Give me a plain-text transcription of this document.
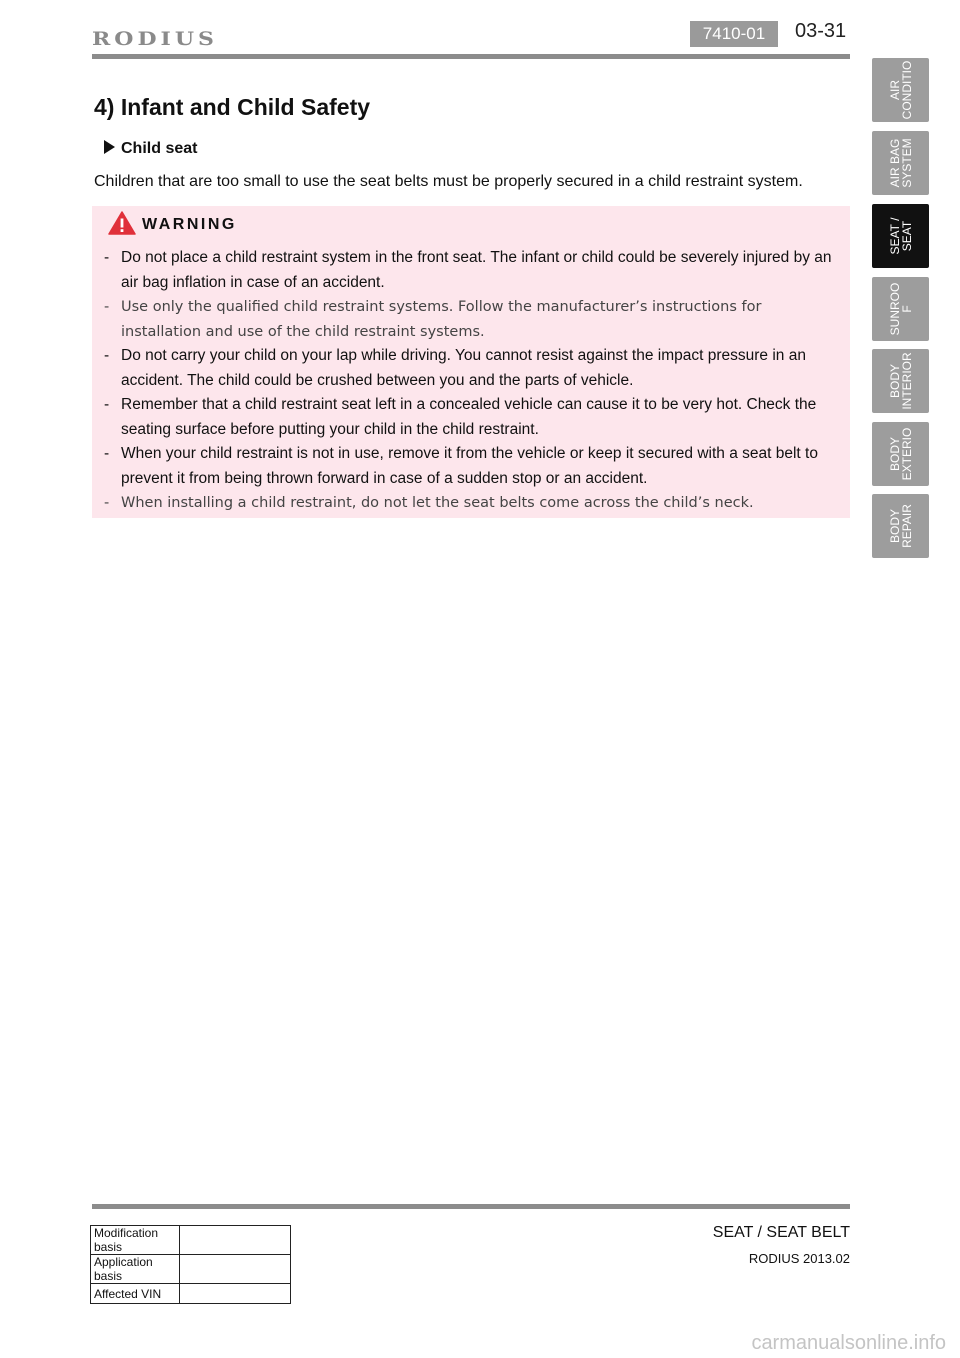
RODIUS	7410-01	03-31
AIR
CONDITIO
AIR BAG
SYSTEM
SEAT /
SEAT
SUNROO
F
BODY
INTERIOR
BODY
EXTERIO
BODY
REPAIR
4) Infant and Child Safety
Child seat
Children that are too small to use the seat belts must be properly secured in a child restraint system.
WARNING
- Do not place a child restraint system in the front seat. The infant or child could be severely injured by an air bag inflation in case of an accident.
- Use only the qualified child restraint systems. Follow the manufacturer’s instructions for installation and use of the child restraint systems.
- Do not carry your child on your lap while driving. You cannot resist against the impact pressure in an accident. The child could be crushed between you and the parts of vehicle.
- Remember that a child restraint seat left in a concealed vehicle can cause it to be very hot. Check the seating surface before putting your child in the child restraint.
- When your child restraint is not in use, remove it from the vehicle or keep it secured with a seat belt to prevent it from being thrown forward in case of a sudden stop or an accident.
- When installing a child restraint, do not let the seat belts come across the child’s neck.
Modification basis	
Application basis	
Affected VIN	
SEAT / SEAT BELT
RODIUS 2013.02
carmanualsonline.info
